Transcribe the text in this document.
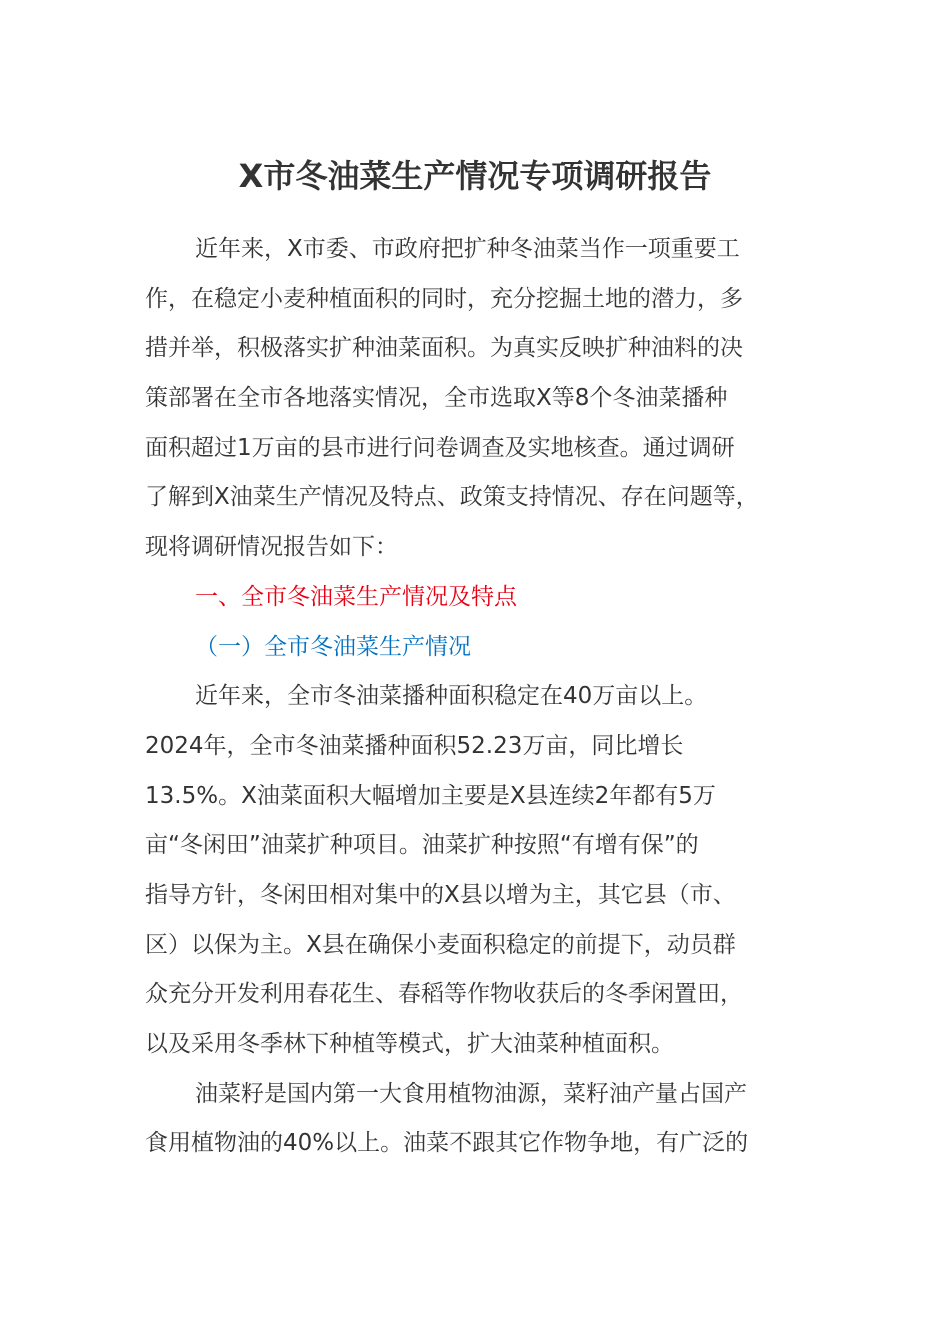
X市冬油菜生产情况专项调研报告
近年来，X市委、市政府把扩种冬油菜当作一项重要工
作，在稳定小麦种植面积的同时，充分挖掘土地的潜力，多
措并举，积极落实扩种油菜面积。为真实反映扩种油料的决
策部署在全市各地落实情况，全市选取X等8个冬油菜播种
面积超过1万亩的县市进行问卷调查及实地核查。通过调研
了解到X油菜生产情况及特点、政策支持情况、存在问题等，
现将调研情况报告如下：
一、全市冬油菜生产情况及特点
（一）全市冬油菜生产情况
近年来，全市冬油菜播种面积稳定在40万亩以上。
2024年，全市冬油菜播种面积52.23万亩，同比增长
13.5%。X油菜面积大幅增加主要是X县连续2年都有5万
亩“冬闲田”油菜扩种项目。油菜扩种按照“有增有保”的
指导方针，冬闲田相对集中的X县以增为主，其它县（市、
区）以保为主。X县在确保小麦面积稳定的前提下，动员群
众充分开发利用春花生、春稻等作物收获后的冬季闲置田，
以及采用冬季林下种植等模式，扩大油菜种植面积。
油菜籽是国内第一大食用植物油源，菜籽油产量占国产
食用植物油的40%以上。油菜不跟其它作物争地，有广泛的
